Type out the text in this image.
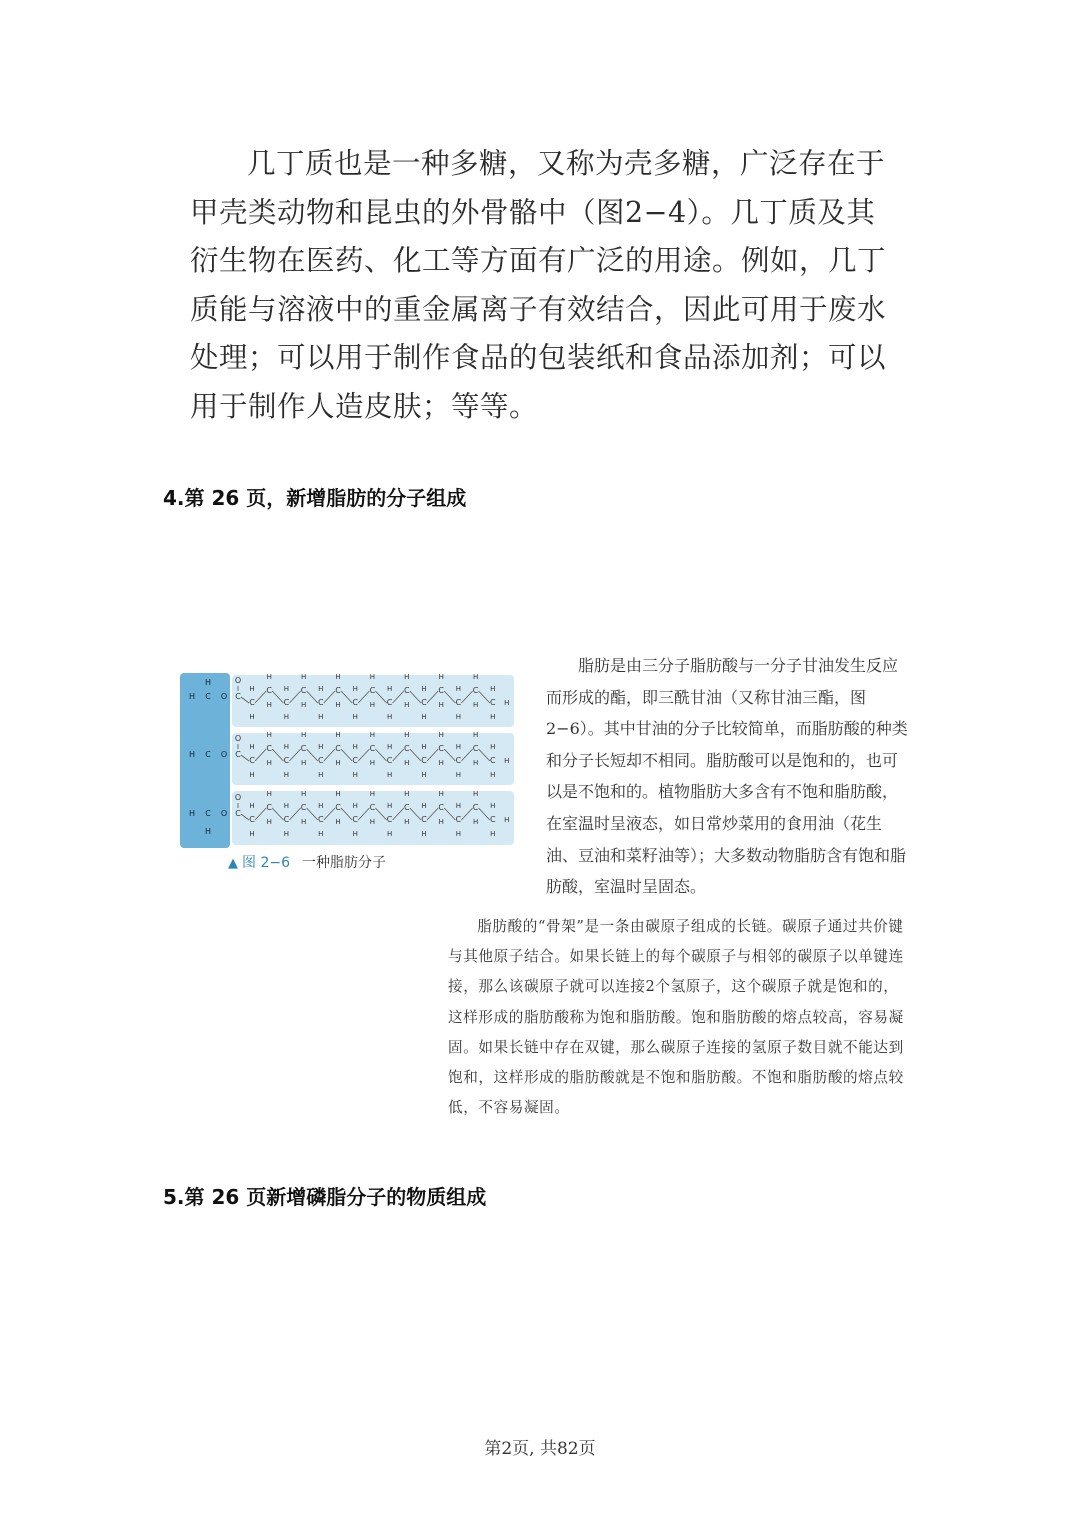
几丁质也是一种多糖，又称为壳多糖，广泛存在于甲壳类动物和昆虫的外骨骼中（图2−4）。几丁质及其衍生物在医药、化工等方面有广泛的用途。例如，几丁质能与溶液中的重金属离子有效结合，因此可用于废水处理；可以用于制作食品的包装纸和食品添加剂；可以用于制作人造皮肤；等等。
4.第 26 页，新增脂肪的分子组成
H C O
H
C
O
C
H
H
C
H
H C
H
H
C
H
H C
H
H
C
H
H C
H
H
C
H
H C
H
H
C
H
H C
H
H
C
H
H C
H
H
C
H
H C
H
H
H
H C O C
O
C
H
H
C
H
H C
H
H
C
H
H C
H
H
C
H
H C
H
H
C
H
H C
H
H
C
H
H C
H
H
C
H
H C
H
H
C
H
H C
H
H
H
H C O
H
C
O
C
H
H
C
H
H C
H
H
C
H
H C
H
H
C
H
H C
H
H
C
H
H C
H
H
C
H
H C
H
H
C
H
H C
H
H
C
H
H C
H
H
H
▲ 图 2−6 一种脂肪分子
脂肪是由三分子脂肪酸与一分子甘油发生反应而形成的酯，即三酰甘油（又称甘油三酯，图2−6）。其中甘油的分子比较简单，而脂肪酸的种类和分子长短却不相同。脂肪酸可以是饱和的，也可以是不饱和的。植物脂肪大多含有不饱和脂肪酸，在室温时呈液态，如日常炒菜用的食用油（花生油、豆油和菜籽油等）；大多数动物脂肪含有饱和脂肪酸，室温时呈固态。
脂肪酸的“骨架”是一条由碳原子组成的长链。碳原子通过共价键与其他原子结合。如果长链上的每个碳原子与相邻的碳原子以单键连接，那么该碳原子就可以连接2个氢原子，这个碳原子就是饱和的，这样形成的脂肪酸称为饱和脂肪酸。饱和脂肪酸的熔点较高，容易凝固。如果长链中存在双键，那么碳原子连接的氢原子数目就不能达到饱和，这样形成的脂肪酸就是不饱和脂肪酸。不饱和脂肪酸的熔点较低，不容易凝固。
5.第 26 页新增磷脂分子的物质组成
第2页, 共82页
